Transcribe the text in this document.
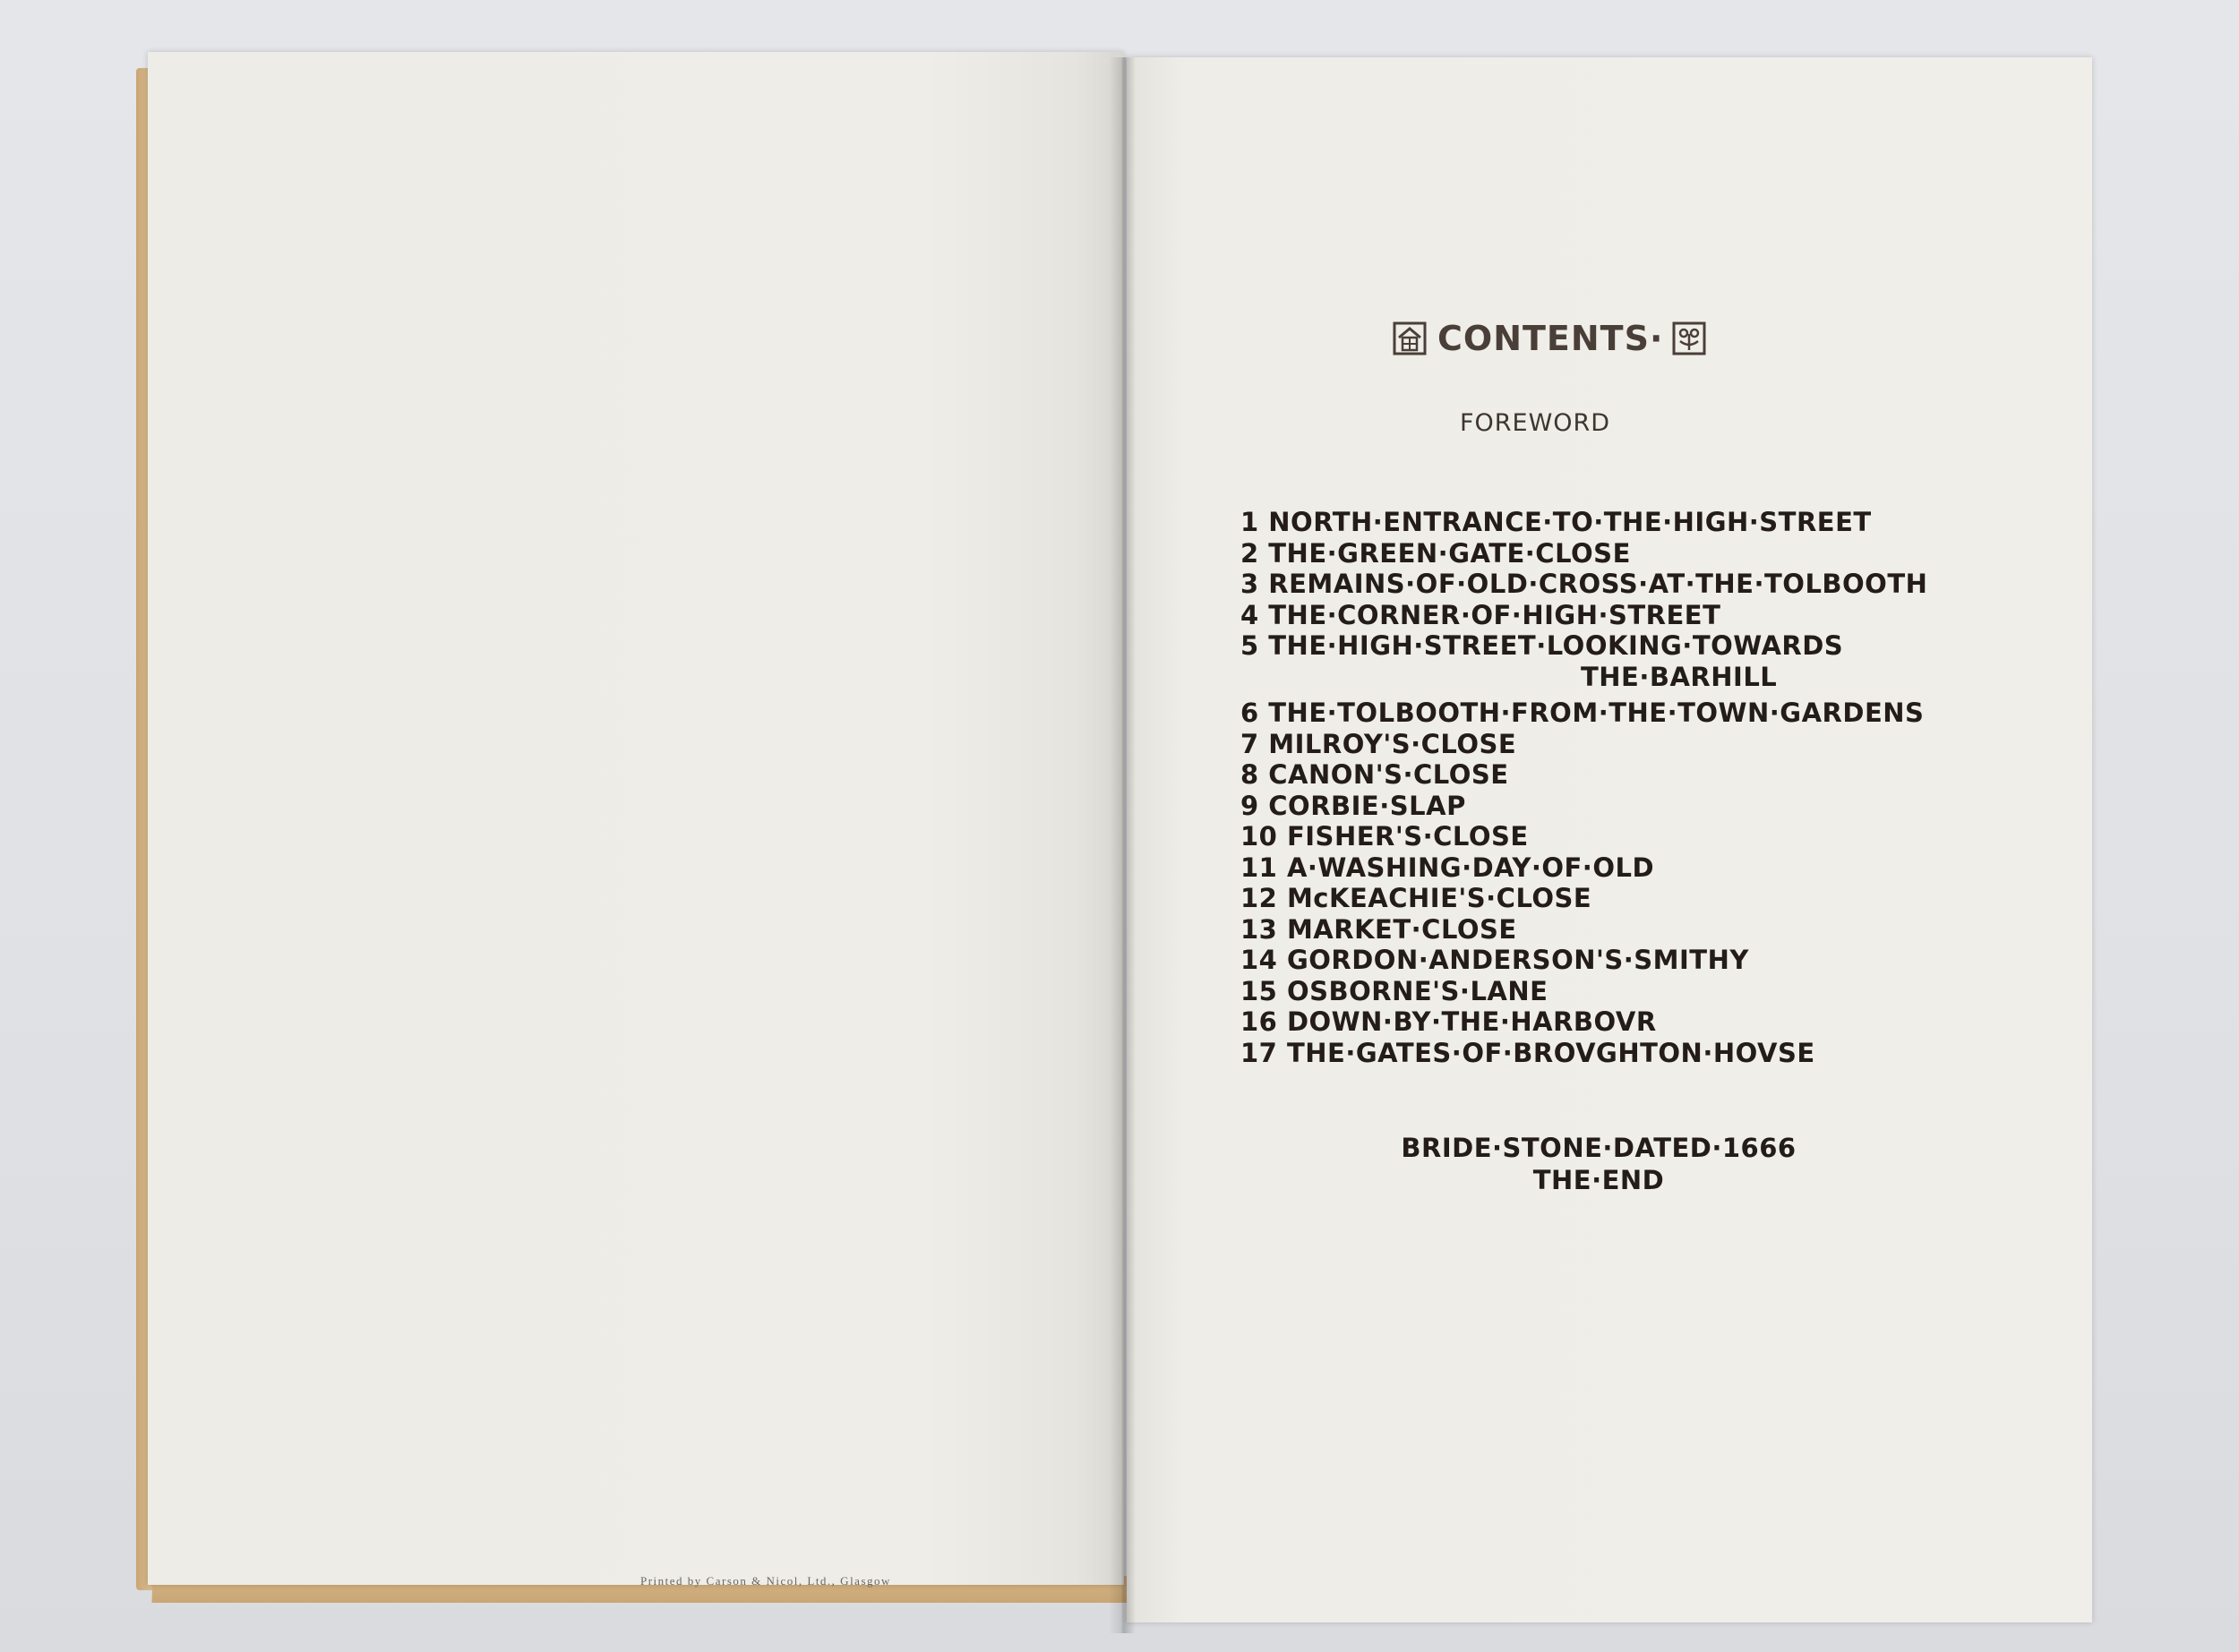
Printed by Carson & Nicol, Ltd., Glasgow
CONTENTS·
FOREWORD
1 NORTH·ENTRANCE·TO·THE·HIGH·STREET
2 THE·GREEN·GATE·CLOSE
3 REMAINS·OF·OLD·CROSS·AT·THE·TOLBOOTH
4 THE·CORNER·OF·HIGH·STREET
5 THE·HIGH·STREET·LOOKING·TOWARDS
THE·BARHILL
6 THE·TOLBOOTH·FROM·THE·TOWN·GARDENS
7 MILROY'S·CLOSE
8 CANON'S·CLOSE
9 CORBIE·SLAP
10 FISHER'S·CLOSE
11 A·WASHING·DAY·OF·OLD
12 McKEACHIE'S·CLOSE
13 MARKET·CLOSE
14 GORDON·ANDERSON'S·SMITHY
15 OSBORNE'S·LANE
16 DOWN·BY·THE·HARBOVR
17 THE·GATES·OF·BROVGHTON·HOVSE
BRIDE·STONE·DATED·1666
THE·END
